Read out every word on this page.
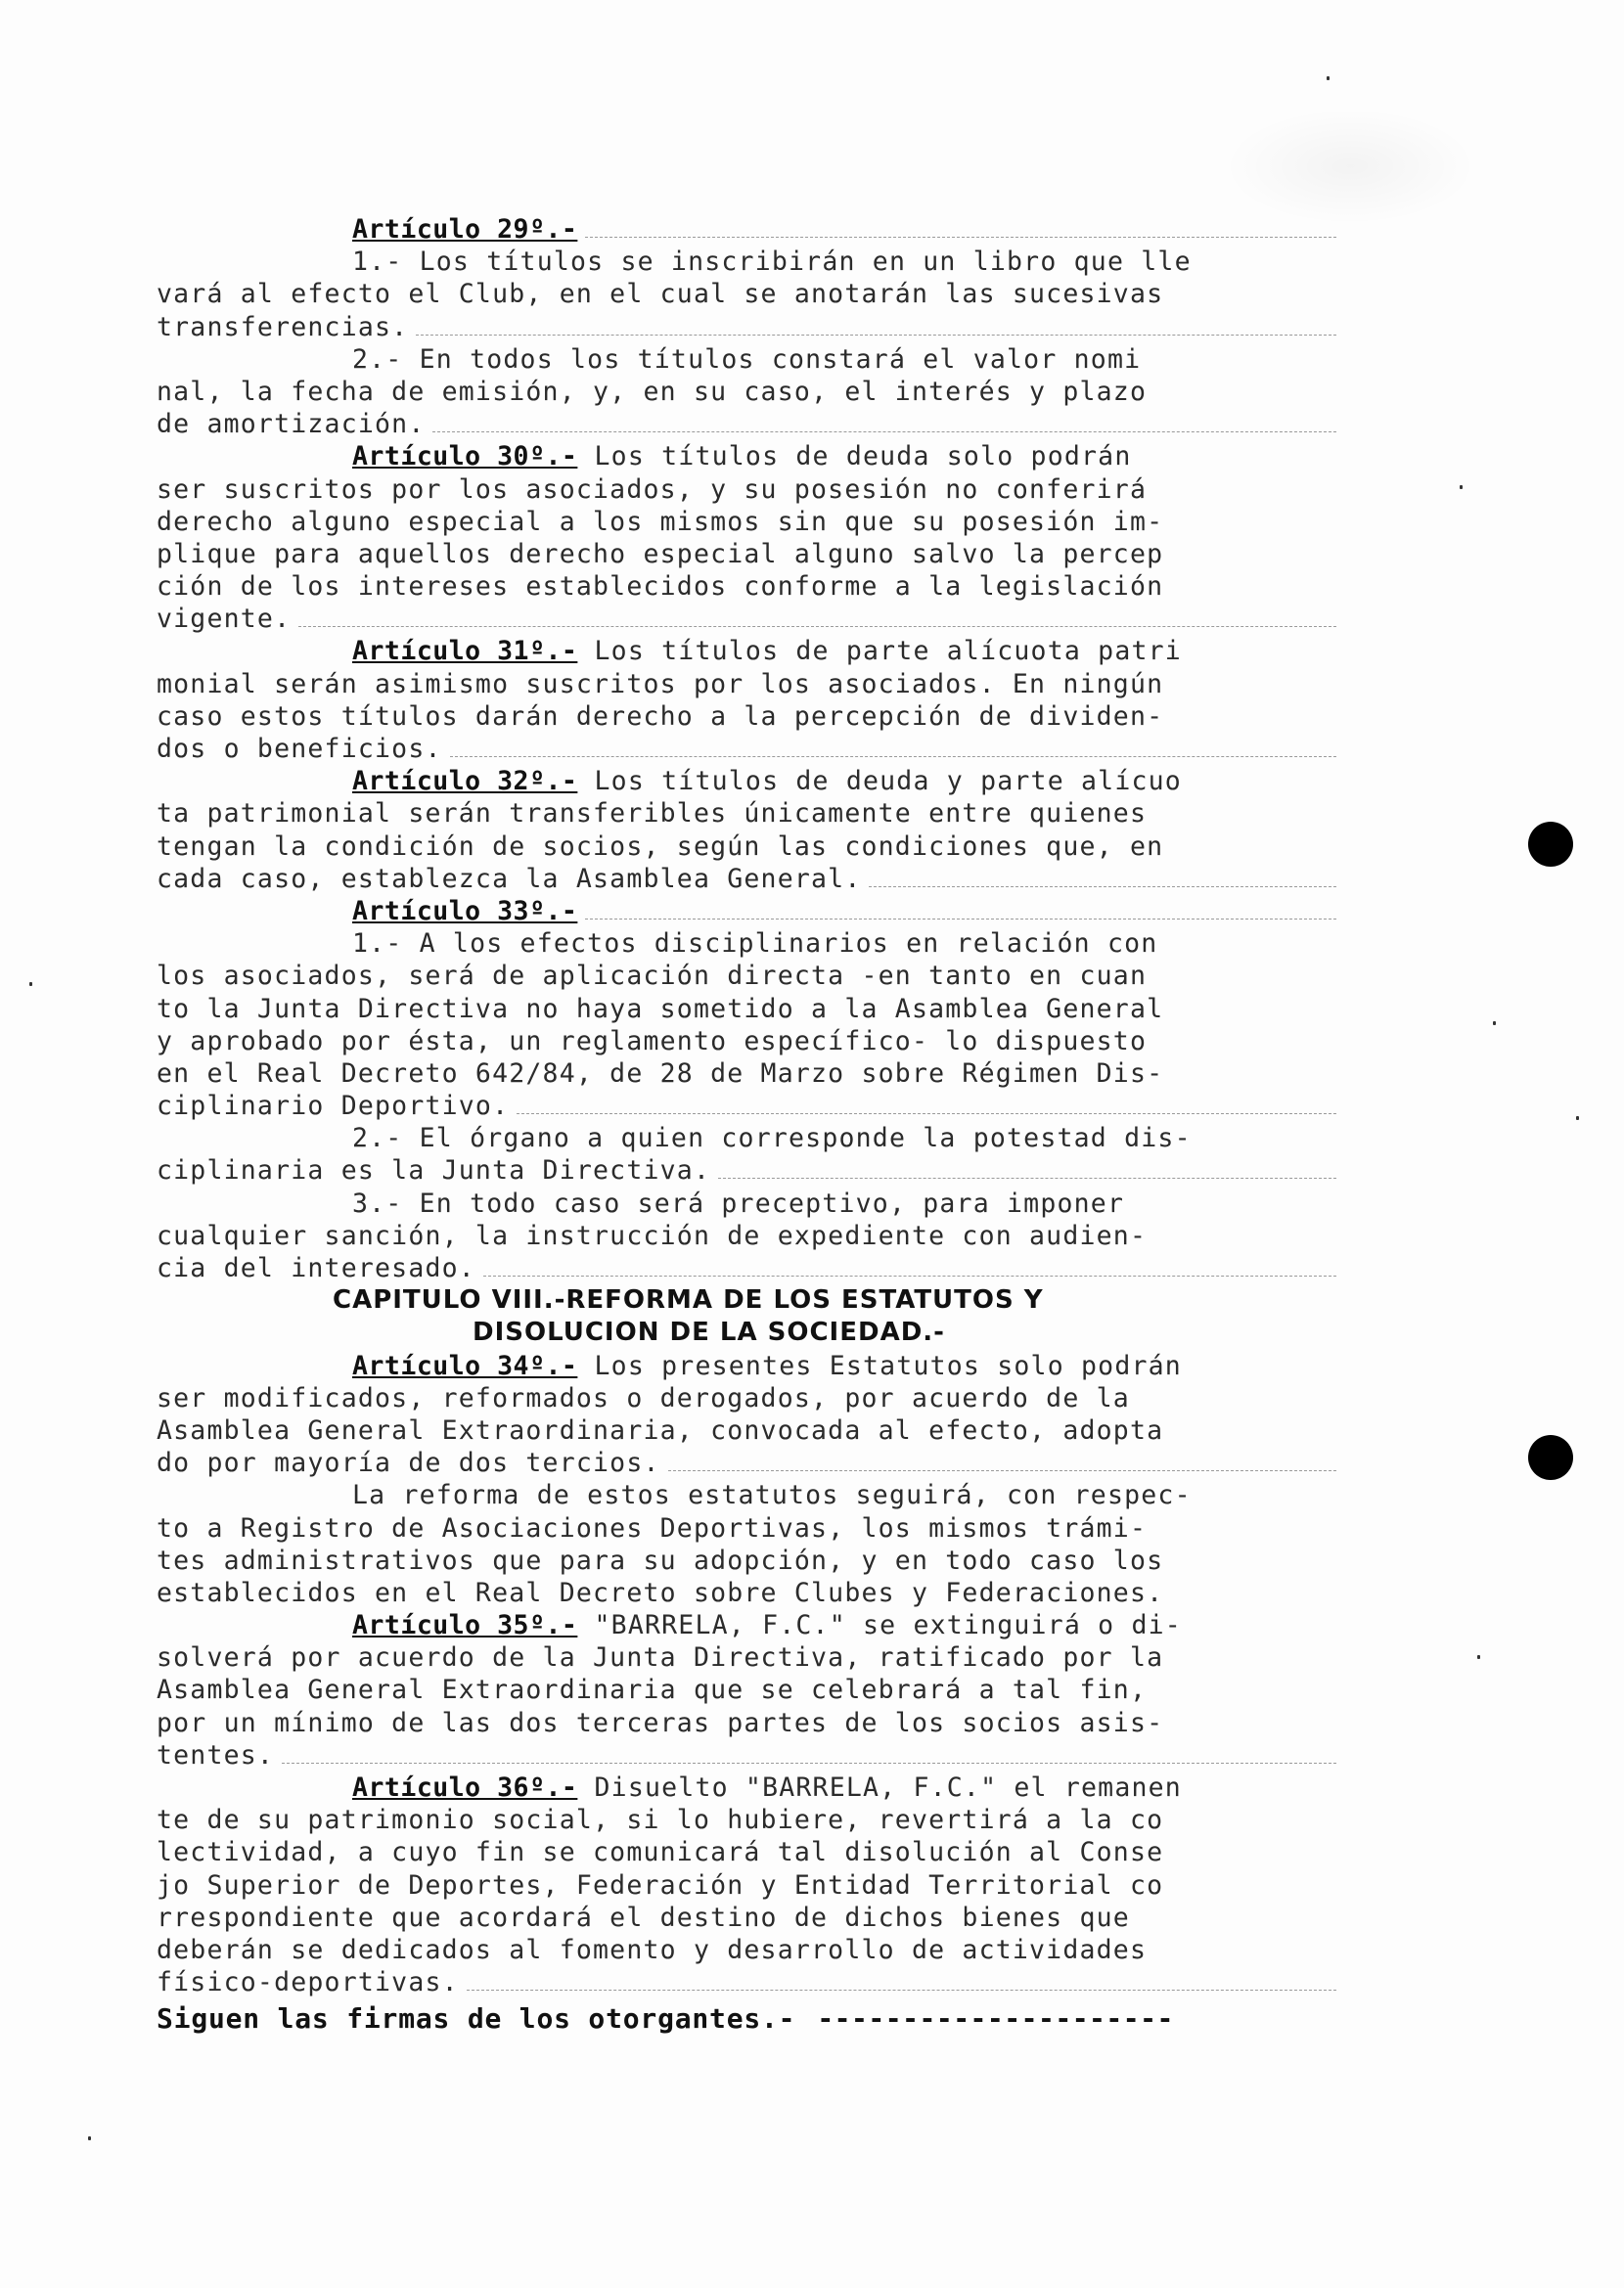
Artículo 29º.-
1.- Los títulos se inscribirán en un libro que lle
vará al efecto el Club, en el cual se anotarán las sucesivas
transferencias.
2.- En todos los títulos constará el valor nomi
nal, la fecha de emisión, y, en su caso, el interés y plazo
de amortización.
Artículo 30º.- Los títulos de deuda solo podrán
ser suscritos por los asociados, y su posesión no conferirá
derecho alguno especial a los mismos sin que su posesión im-
plique para aquellos derecho especial alguno salvo la percep
ción de los intereses establecidos conforme a la legislación
vigente.
Artículo 31º.- Los títulos de parte alícuota patri
monial serán asimismo suscritos por los asociados. En ningún
caso estos títulos darán derecho a la percepción de dividen-
dos o beneficios.
Artículo 32º.- Los títulos de deuda y parte alícuo
ta patrimonial serán transferibles únicamente entre quienes
tengan la condición de socios, según las condiciones que, en
cada caso, establezca la Asamblea General.
Artículo 33º.-
1.- A los efectos disciplinarios en relación con
los asociados, será de aplicación directa -en tanto en cuan
to la Junta Directiva no haya sometido a la Asamblea General
y aprobado por ésta, un reglamento específico- lo dispuesto
en el Real Decreto 642/84, de 28 de Marzo sobre Régimen Dis-
ciplinario Deportivo.
2.- El órgano a quien corresponde la potestad dis-
ciplinaria es la Junta Directiva.
3.- En todo caso será preceptivo, para imponer
cualquier sanción, la instrucción de expediente con audien-
cia del interesado.
CAPITULO VIII.-REFORMA DE LOS ESTATUTOS Y
DISOLUCION DE LA SOCIEDAD.-
Artículo 34º.- Los presentes Estatutos solo podrán
ser modificados, reformados o derogados, por acuerdo de la
Asamblea General Extraordinaria, convocada al efecto, adopta
do por mayoría de dos tercios.
La reforma de estos estatutos seguirá, con respec-
to a Registro de Asociaciones Deportivas, los mismos trámi-
tes administrativos que para su adopción, y en todo caso los
establecidos en el Real Decreto sobre Clubes y Federaciones.
Artículo 35º.- "BARRELA, F.C." se extinguirá o di-
solverá por acuerdo de la Junta Directiva, ratificado por la
Asamblea General Extraordinaria que se celebrará a tal fin,
por un mínimo de las dos terceras partes de los socios asis-
tentes.
Artículo 36º.- Disuelto "BARRELA, F.C." el remanen
te de su patrimonio social, si lo hubiere, revertirá a la co
lectividad, a cuyo fin se comunicará tal disolución al Conse
jo Superior de Deportes, Federación y Entidad Territorial co
rrespondiente que acordará el destino de dichos bienes que
deberán se dedicados al fomento y desarrollo de actividades
físico-deportivas.
Siguen las firmas de los otorgantes.- ---------------------
